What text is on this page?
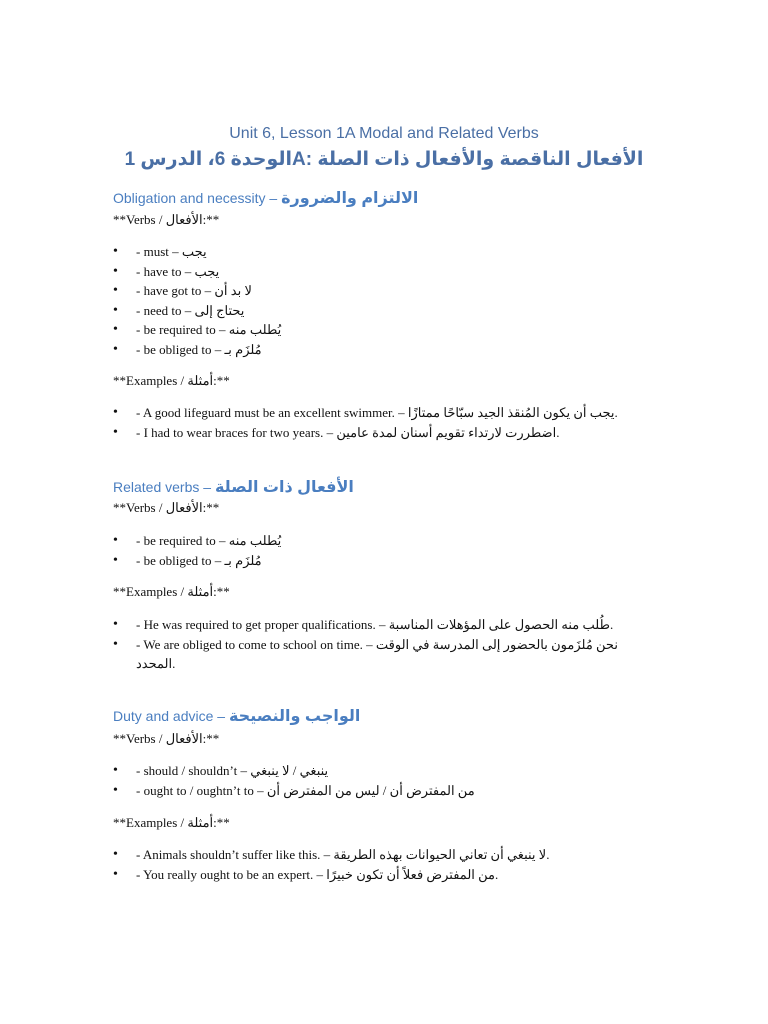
Unit 6, Lesson 1A Modal and Related Verbs
الأفعال الناقصة والأفعال ذات الصلة :Aالوحدة 6، الدرس 1
Obligation and necessity – الالتزام والضرورة
**Verbs / الأفعال:**
• - must – يجب
• - have to – يجب
• - have got to – لا بد أن
• - need to – يحتاج إلى
• - be required to – يُطلب منه
• - be obliged to – مُلزَم بـ
**Examples / أمثلة:**
• - A good lifeguard must be an excellent swimmer. – يجب أن يكون المُنقذ الجيد سبّاحًا ممتازًا.
• - I had to wear braces for two years. – اضطررت لارتداء تقويم أسنان لمدة عامين.
Related verbs – الأفعال ذات الصلة
**Verbs / الأفعال:**
• - be required to – يُطلب منه
• - be obliged to – مُلزَم بـ
**Examples / أمثلة:**
• - He was required to get proper qualifications. – طُلب منه الحصول على المؤهلات المناسبة.
• - We are obliged to come to school on time. – نحن مُلزَمون بالحضور إلى المدرسة في الوقت المحدد.
Duty and advice – الواجب والنصيحة
**Verbs / الأفعال:**
• - should / shouldn’t – ينبغي / لا ينبغي
• - ought to / oughtn’t to – من المفترض أن / ليس من المفترض أن
**Examples / أمثلة:**
• - Animals shouldn’t suffer like this. – لا ينبغي أن تعاني الحيوانات بهذه الطريقة.
• - You really ought to be an expert. – من المفترض فعلاً أن تكون خبيرًا.
